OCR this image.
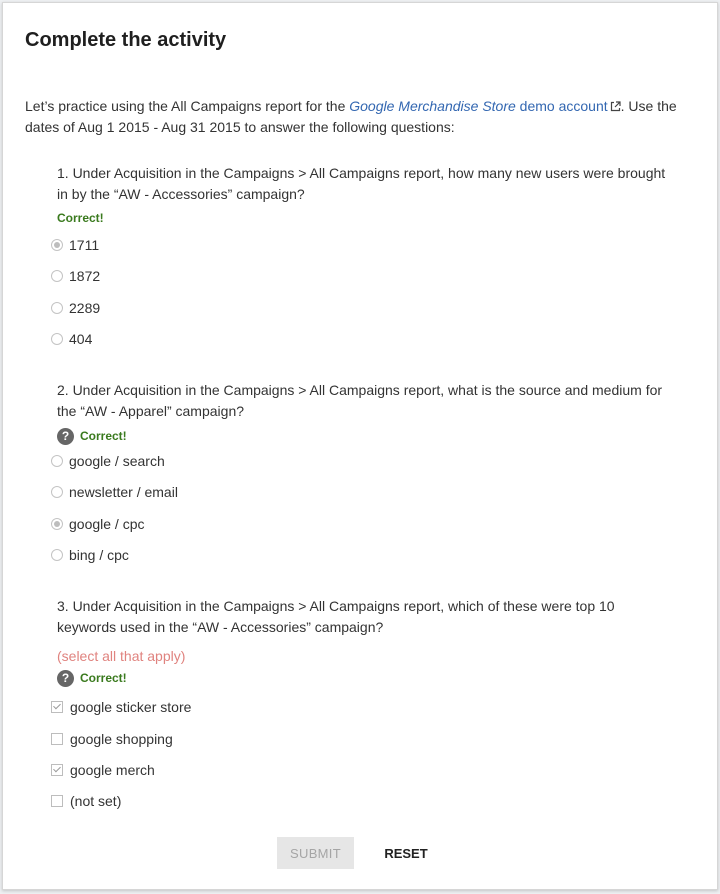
Complete the activity
Let’s practice using the All Campaigns report for the Google Merchandise Store demo account . Use the dates of Aug 1 2015 - Aug 31 2015 to answer the following questions:

1. Under Acquisition in the Campaigns > All Campaigns report, how many new users were brought in by the “AW - Accessories” campaign?

Correct!
1711
1872
2289
404

2. Under Acquisition in the Campaigns > All Campaigns report, what is the source and medium for the “AW - Apparel” campaign?

? Correct!
google / search
newsletter / email
google / cpc
bing / cpc

3. Under Acquisition in the Campaigns > All Campaigns report, which of these were top 10 keywords used in the “AW - Accessories” campaign?

(select all that apply)
? Correct!
google sticker store
google shopping
google merch
(not set)
SUBMIT	RESET
